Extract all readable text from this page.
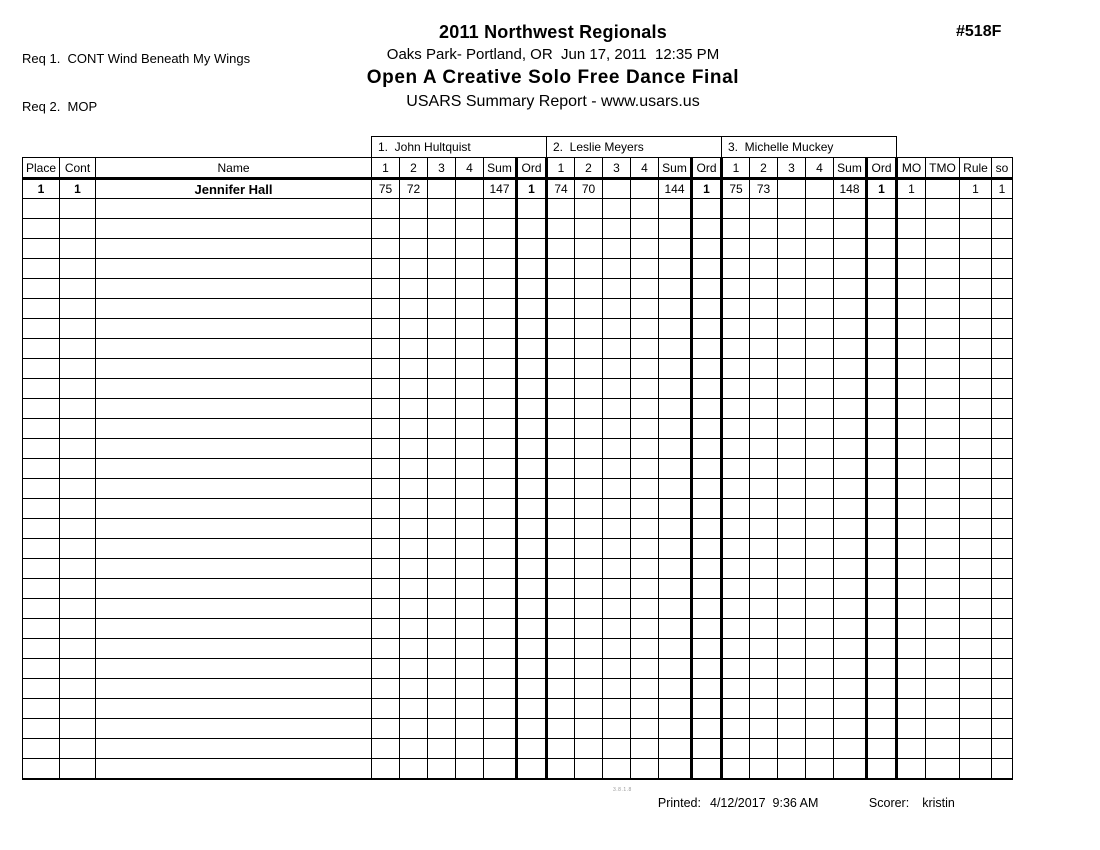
Req 1.  CONT Wind Beneath My Wings

Req 2.  MOP

2011 Northwest Regionals
Oaks Park- Portland, OR  Jun 17, 2011  12:35 PM
Open A Creative Solo Free Dance Final
USARS Summary Report - www.usars.us
#518F
			1.  John Hultquist						2.  Leslie Meyers						3.  Michelle Muckey									
Place	Cont	Name	1	2	3	4	Sum	Ord	1	2	3	4	Sum	Ord	1	2	3	4	Sum	Ord	MO	TMO	Rule	so
1	1	Jennifer Hall	75	72			147	1	74	70			144	1	75	73			148	1	1		1	1

3.8.1.8

Printed: 4/12/2017  9:36 AM
	Scorer: kristin
